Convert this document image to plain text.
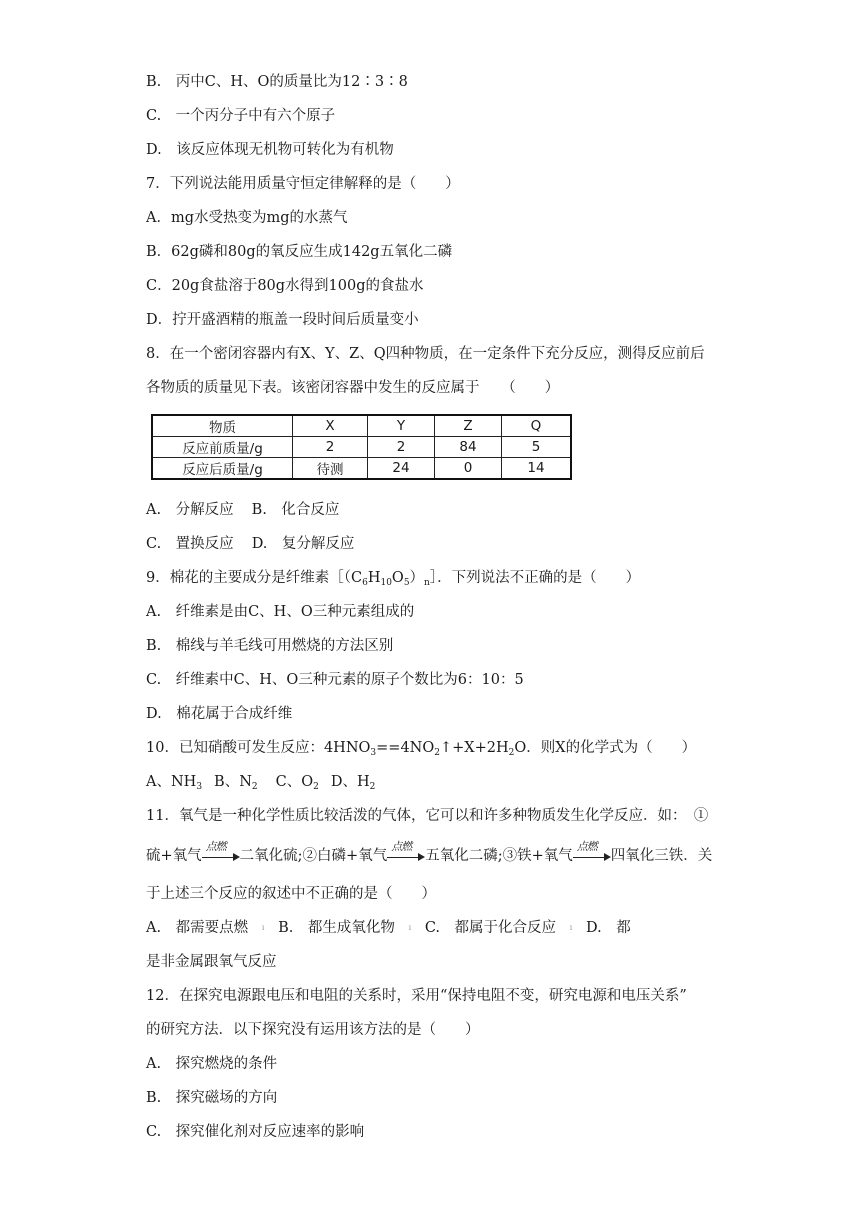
B.　丙中C、H、O的质量比为12∶3∶8
C.　一个丙分子中有六个原子
D.　该反应体现无机物可转化为有机物
7．下列说法能用质量守恒定律解释的是（　　）
A．mg水受热变为mg的水蒸气
B．62g磷和80g的氧反应生成142g五氧化二磷
C．20g食盐溶于80g水得到100g的食盐水
D．拧开盛酒精的瓶盖一段时间后质量变小
8．在一个密闭容器内有X、Y、Z、Q四种物质，在一定条件下充分反应，测得反应前后
各物质的质量见下表。该密闭容器中发生的反应属于　　（　　）
物质	X	Y	Z	Q
反应前质量/g	2	2	84	5
反应后质量/g	待测	24	0	14
A.　分解反应 B.　化合反应
C.　置换反应 D.　复分解反应
9．棉花的主要成分是纤维素$[(C_6H_{10}O_5)_n]$．下列说法不正确的是（　　）
A.　纤维素是由C、H、O三种元素组成的
B.　棉线与羊毛线可用燃烧的方法区别
C.　纤维素中C、H、O三种元素的原子个数比为6：10：5
D.　棉花属于合成纤维
10．已知硝酸可发生反应：$4HNO_3==4NO_2↑+X+2H_2O$．则X的化学式为（　　）
A、$NH_3$ B、$N_2$ C、$O_2$ D、$H_2$
11．氧气是一种化学性质比较活泼的气体，它可以和许多种物质发生化学反应．如：　①
硫+氧气
点燃
二氧化硫;②白磷+氧气
点燃
五氧化二磷;③铁+氧气
点燃
四氧化三铁．关
于上述三个反应的叙述中不正确的是（　　）
A.　都需要点燃 ı B.　都生成氧化物 ı C.　都属于化合反应 ı D.　都
是非金属跟氧气反应
12．在探究电源跟电压和电阻的关系时，采用“保持电阻不变，研究电源和电压关系”
的研究方法．以下探究没有运用该方法的是（　　）
A.　探究燃烧的条件
B.　探究磁场的方向
C.　探究催化剂对反应速率的影响
